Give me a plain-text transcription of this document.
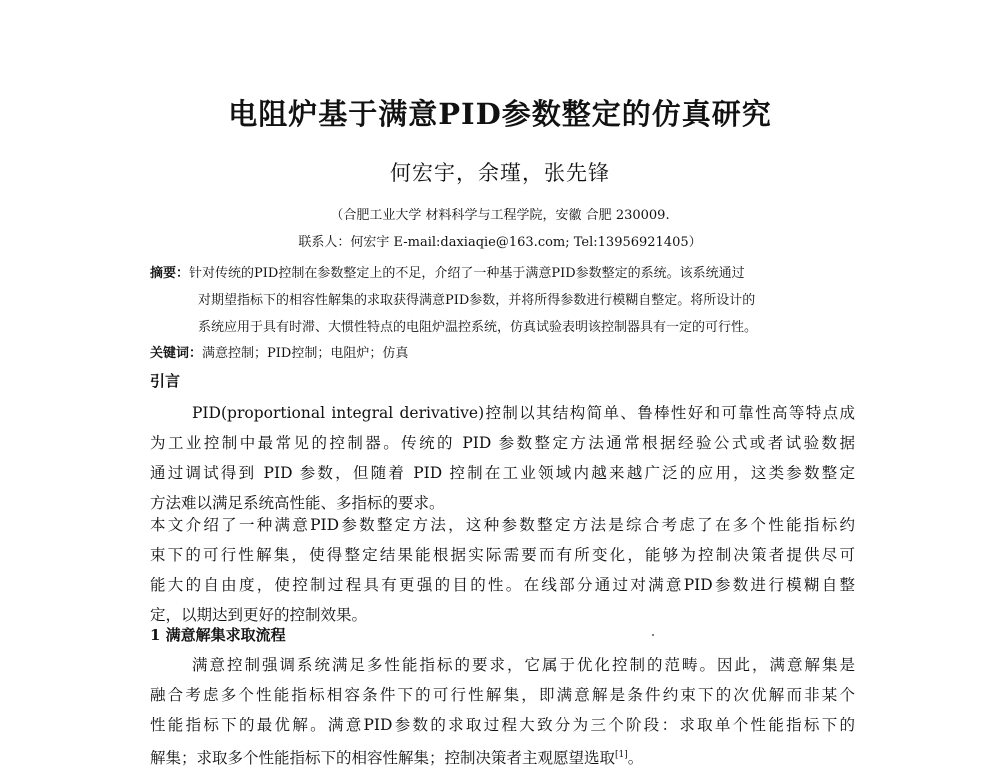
电阻炉基于满意PID参数整定的仿真研究
何宏宇，余瑾，张先锋
（合肥工业大学 材料科学与工程学院，安徽 合肥 230009.
联系人：何宏宇 E-mail:daxiaqie@163.com; Tel:13956921405）
摘要：针对传统的PID控制在参数整定上的不足，介绍了一种基于满意PID参数整定的系统。该系统通过
对期望指标下的相容性解集的求取获得满意PID参数，并将所得参数进行模糊自整定。将所设计的
系统应用于具有时滞、大惯性特点的电阻炉温控系统，仿真试验表明该控制器具有一定的可行性。
关键词：满意控制；PID控制；电阻炉；仿真
引言
PID(proportional integral derivative)控制以其结构简单、鲁棒性好和可靠性高等特点成
为工业控制中最常见的控制器。传统的 PID 参数整定方法通常根据经验公式或者试验数据
通过调试得到 PID 参数，但随着 PID 控制在工业领域内越来越广泛的应用，这类参数整定
方法难以满足系统高性能、多指标的要求。
本文介绍了一种满意PID参数整定方法，这种参数整定方法是综合考虑了在多个性能指标约
束下的可行性解集，使得整定结果能根据实际需要而有所变化，能够为控制决策者提供尽可
能大的自由度，使控制过程具有更强的目的性。在线部分通过对满意PID参数进行模糊自整
定，以期达到更好的控制效果。
1 满意解集求取流程
满意控制强调系统满足多性能指标的要求，它属于优化控制的范畴。因此，满意解集是
融合考虑多个性能指标相容条件下的可行性解集，即满意解是条件约束下的次优解而非某个
性能指标下的最优解。满意PID参数的求取过程大致分为三个阶段：求取单个性能指标下的
解集；求取多个性能指标下的相容性解集；控制决策者主观愿望选取[1]。
